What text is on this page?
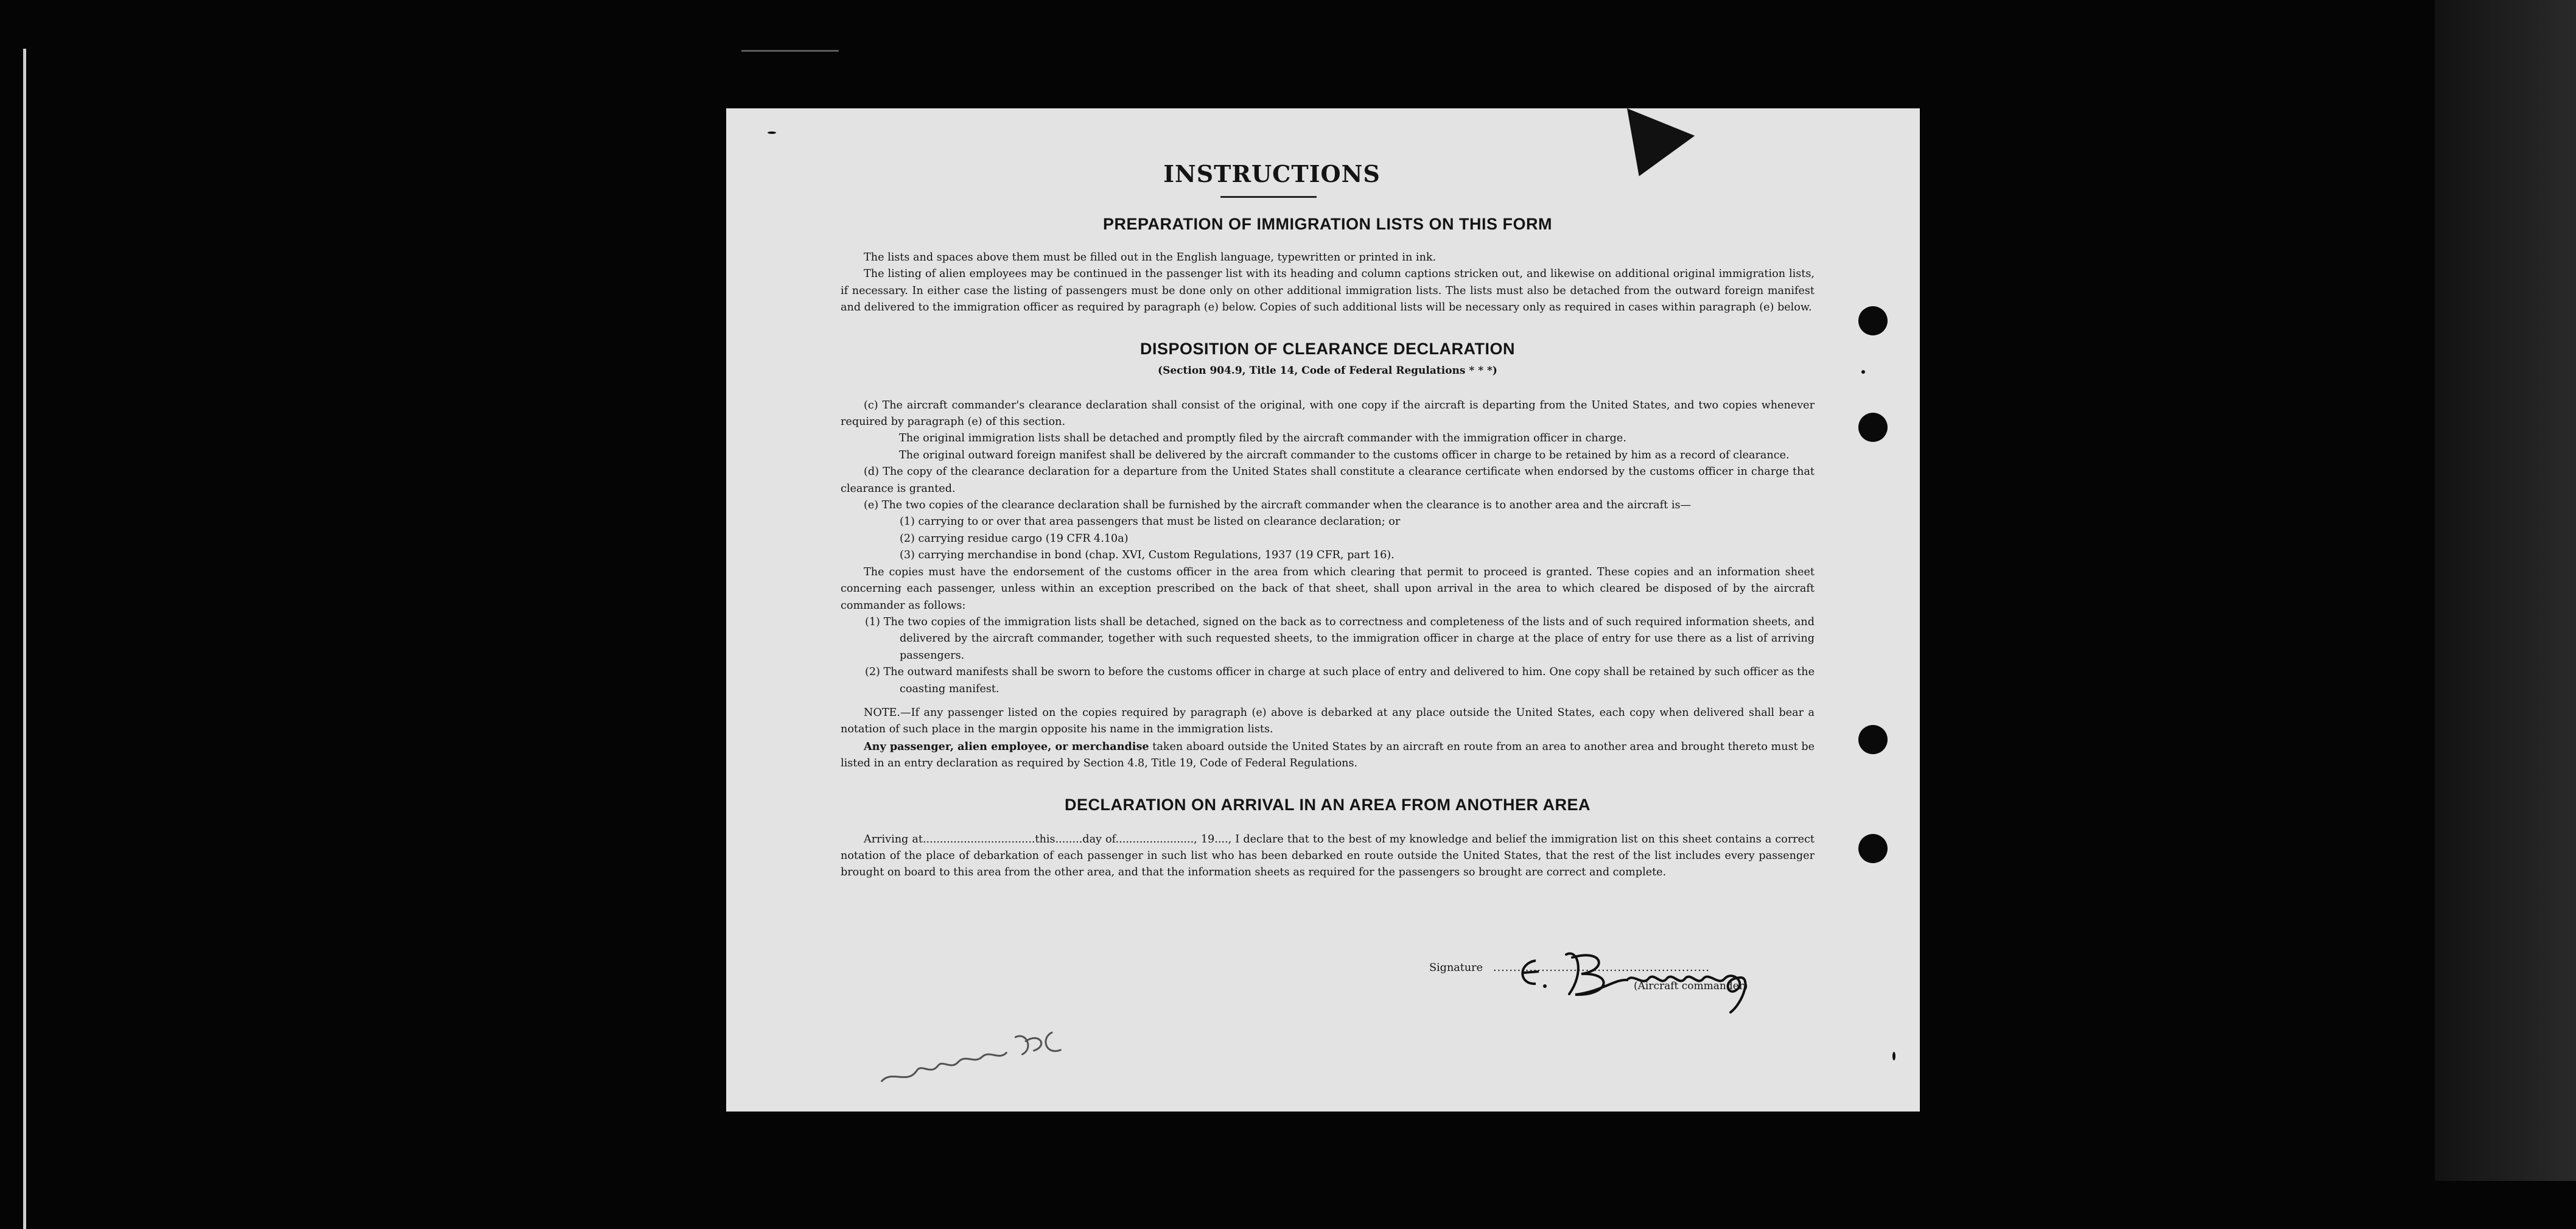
INSTRUCTIONS
PREPARATION OF IMMIGRATION LISTS ON THIS FORM

The lists and spaces above them must be filled out in the English language, typewritten or printed in ink.

The listing of alien employees may be continued in the passenger list with its heading and column captions stricken out, and likewise on additional original immigration lists, if necessary. In either case the listing of passengers must be done only on other additional immigration lists. The lists must also be detached from the outward foreign manifest and delivered to the immigration officer as required by paragraph (e) below. Copies of such additional lists will be necessary only as required in cases within paragraph (e) below.

DISPOSITION OF CLEARANCE DECLARATION
(Section 904.9, Title 14, Code of Federal Regulations * * *)

(c) The aircraft commander's clearance declaration shall consist of the original, with one copy if the aircraft is departing from the United States, and two copies whenever required by paragraph (e) of this section.

The original immigration lists shall be detached and promptly filed by the aircraft commander with the immigration officer in charge.

The original outward foreign manifest shall be delivered by the aircraft commander to the customs officer in charge to be retained by him as a record of clearance.

(d) The copy of the clearance declaration for a departure from the United States shall constitute a clearance certificate when endorsed by the customs officer in charge that clearance is granted.

(e) The two copies of the clearance declaration shall be furnished by the aircraft commander when the clearance is to another area and the aircraft is—

(1) carrying to or over that area passengers that must be listed on clearance declaration; or

(2) carrying residue cargo (19 CFR 4.10a)

(3) carrying merchandise in bond (chap. XVI, Custom Regulations, 1937 (19 CFR, part 16).

The copies must have the endorsement of the customs officer in the area from which clearing that permit to proceed is granted. These copies and an information sheet concerning each passenger, unless within an exception prescribed on the back of that sheet, shall upon arrival in the area to which cleared be disposed of by the aircraft commander as follows:

(1) The two copies of the immigration lists shall be detached, signed on the back as to correctness and completeness of the lists and of such required information sheets, and delivered by the aircraft commander, together with such requested sheets, to the immigration officer in charge at the place of entry for use there as a list of arriving passengers.

(2) The outward manifests shall be sworn to before the customs officer in charge at such place of entry and delivered to him. One copy shall be retained by such officer as the coasting manifest.

NOTE.—If any passenger listed on the copies required by paragraph (e) above is debarked at any place outside the United States, each copy when delivered shall bear a notation of such place in the margin opposite his name in the immigration lists.

Any passenger, alien employee, or merchandise taken aboard outside the United States by an aircraft en route from an area to another area and brought thereto must be listed in an entry declaration as required by Section 4.8, Title 19, Code of Federal Regulations.

DECLARATION ON ARRIVAL IN AN AREA FROM ANOTHER AREA

Arriving at.................................this........day of......................., 19...., I declare that to the best of my knowledge and belief the immigration list on this sheet contains a correct notation of the place of debarkation of each passenger in such list who has been debarked en route outside the United States, that the rest of the list includes every passenger brought on board to this area from the other area, and that the information sheets as required for the passengers so brought are correct and complete.

Signature ......................................................
(Aircraft commander)
